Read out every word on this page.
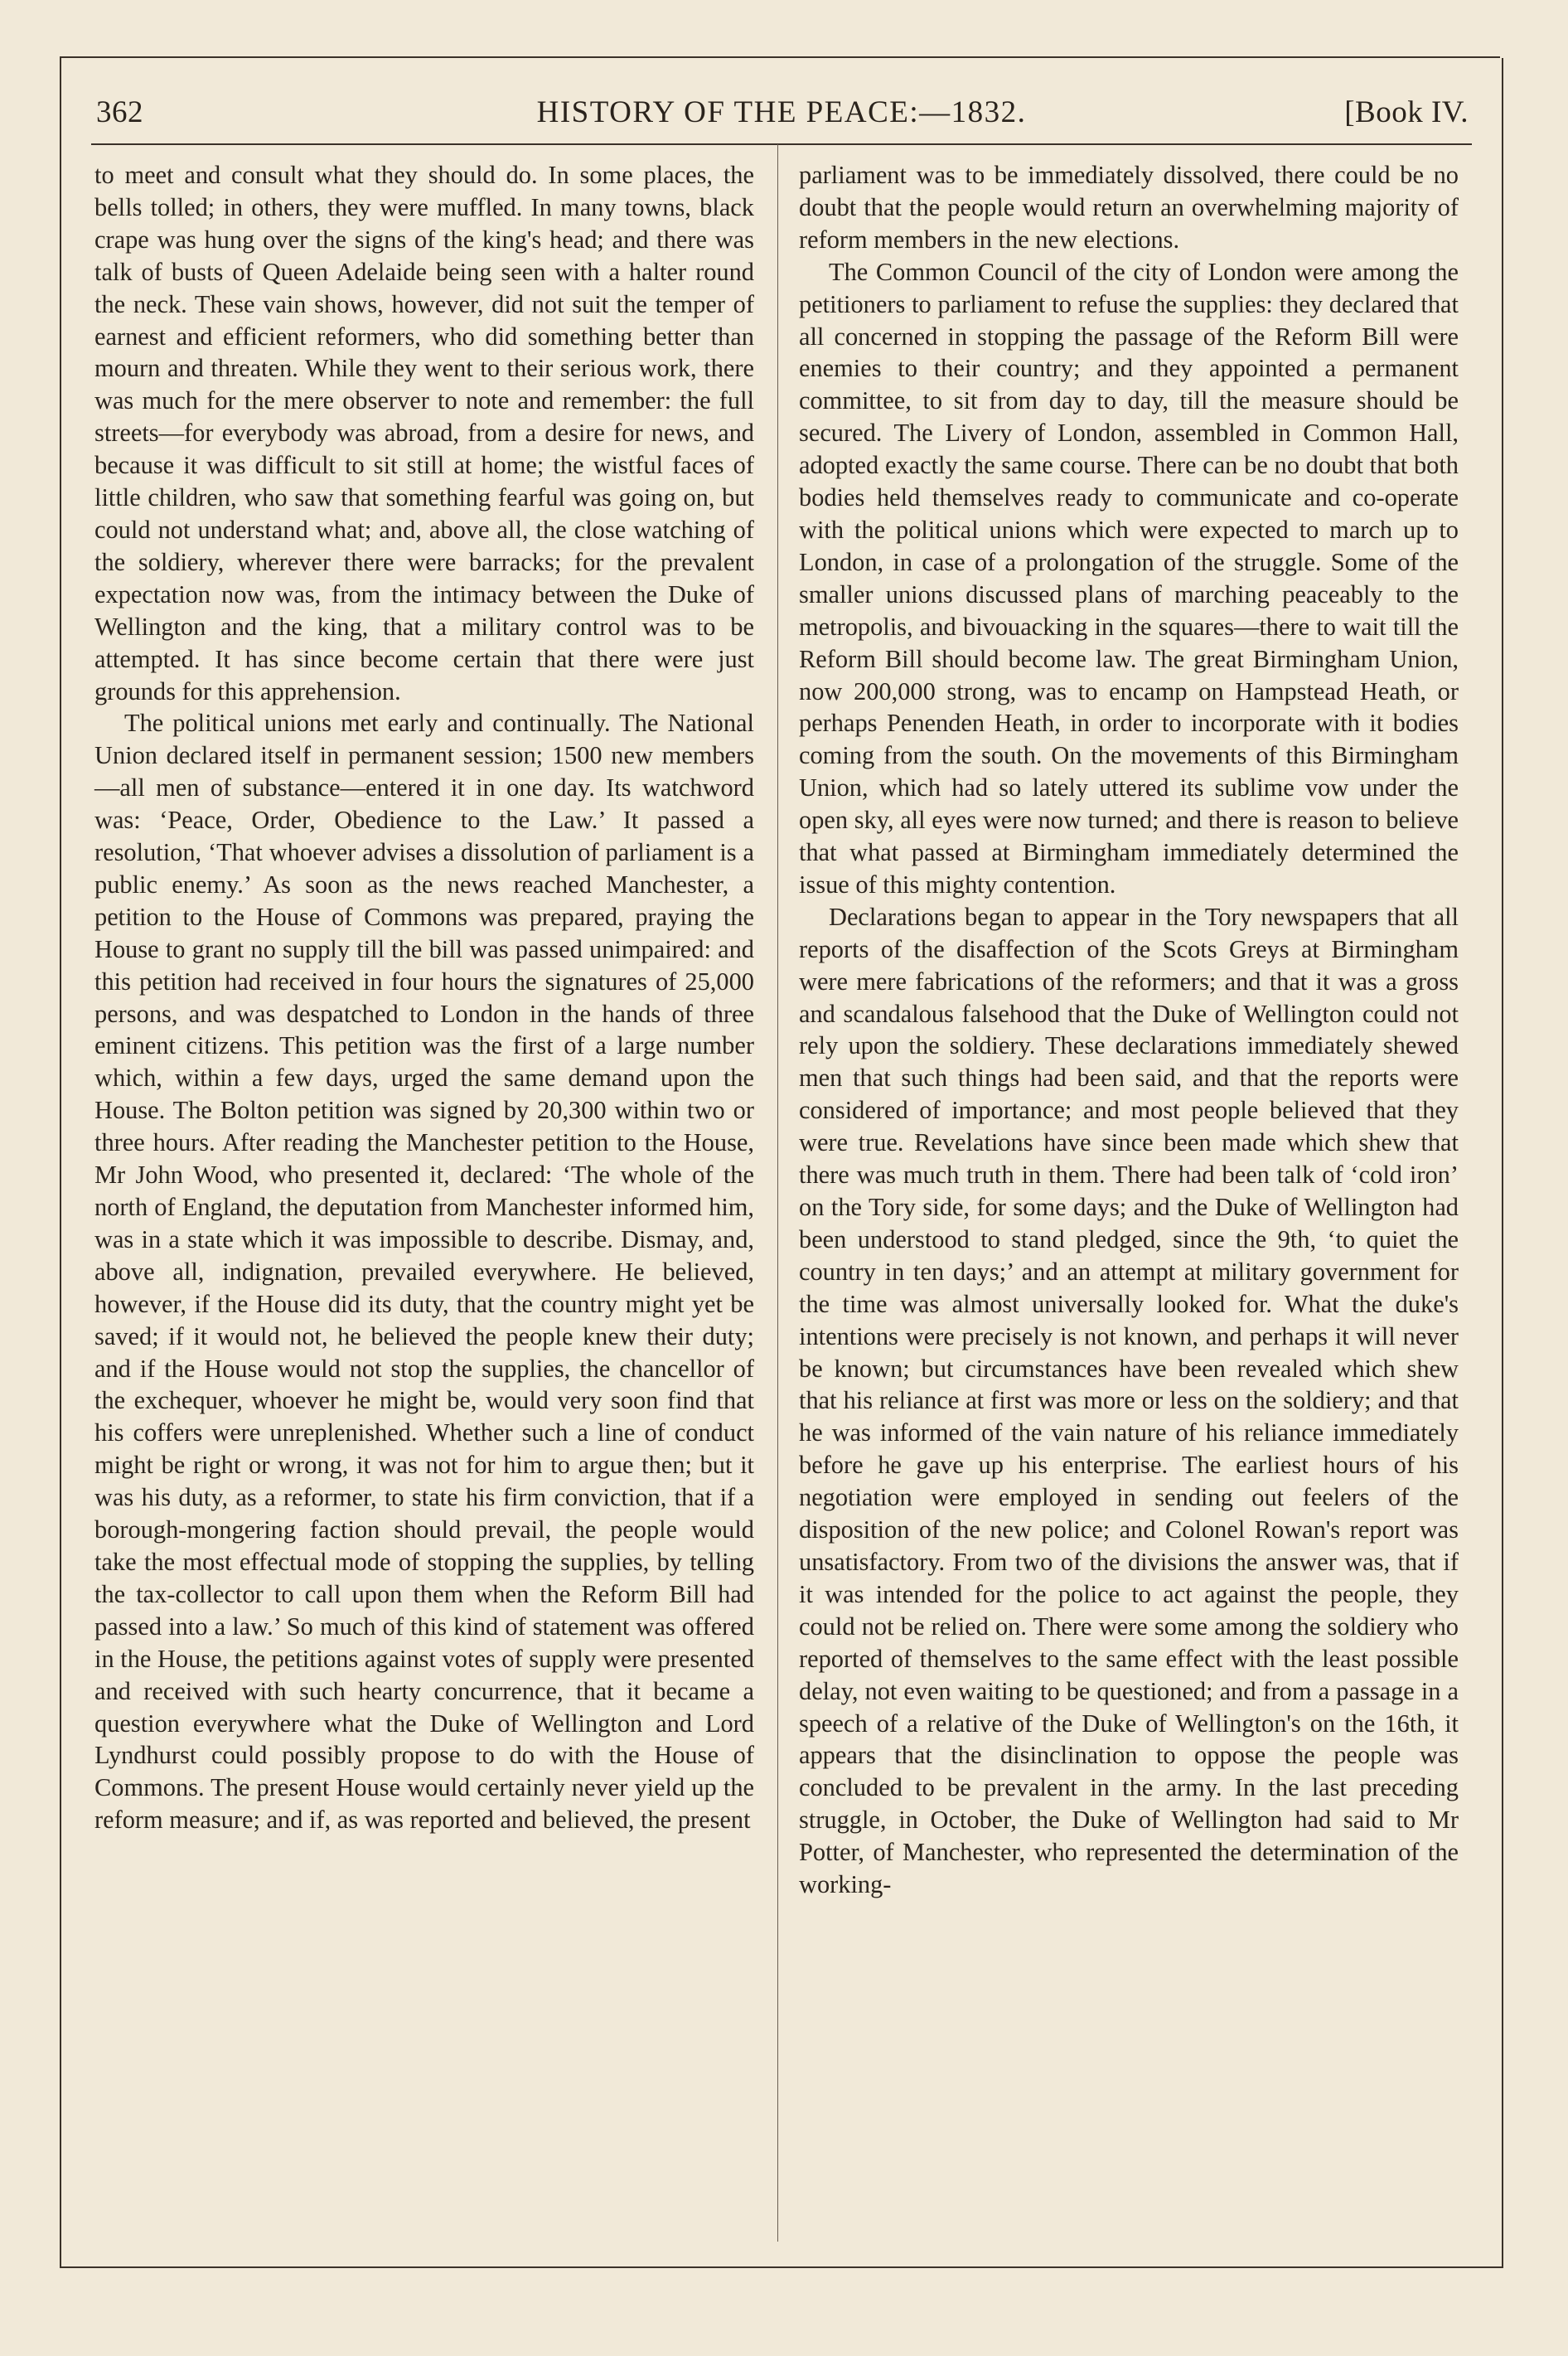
362	HISTORY OF THE PEACE:—1832.	[Book IV.

to meet and consult what they should do. In some places, the bells tolled; in others, they were muffled. In many towns, black crape was hung over the signs of the king's head; and there was talk of busts of Queen Adelaide being seen with a halter round the neck. These vain shows, however, did not suit the temper of earnest and efficient reformers, who did something better than mourn and threaten. While they went to their serious work, there was much for the mere observer to note and remember: the full streets—for everybody was abroad, from a desire for news, and because it was difficult to sit still at home; the wistful faces of little children, who saw that something fearful was going on, but could not understand what; and, above all, the close watching of the soldiery, wherever there were barracks; for the prevalent expectation now was, from the intimacy between the Duke of Wellington and the king, that a military control was to be attempted. It has since become certain that there were just grounds for this apprehension.

The political unions met early and continually. The National Union declared itself in permanent session; 1500 new members—all men of substance—entered it in one day. Its watchword was: ‘Peace, Order, Obedience to the Law.’ It passed a resolution, ‘That whoever advises a dissolution of parliament is a public enemy.’ As soon as the news reached Manchester, a petition to the House of Commons was prepared, praying the House to grant no supply till the bill was passed unimpaired: and this petition had received in four hours the signatures of 25,000 persons, and was despatched to London in the hands of three eminent citizens. This petition was the first of a large number which, within a few days, urged the same demand upon the House. The Bolton petition was signed by 20,300 within two or three hours. After reading the Manchester petition to the House, Mr John Wood, who presented it, declared: ‘The whole of the north of England, the deputation from Manchester informed him, was in a state which it was impossible to describe. Dismay, and, above all, indignation, prevailed everywhere. He believed, however, if the House did its duty, that the country might yet be saved; if it would not, he believed the people knew their duty; and if the House would not stop the supplies, the chancellor of the exchequer, whoever he might be, would very soon find that his coffers were unreplenished. Whether such a line of conduct might be right or wrong, it was not for him to argue then; but it was his duty, as a reformer, to state his firm conviction, that if a borough-mongering faction should prevail, the people would take the most effectual mode of stopping the supplies, by telling the tax-collector to call upon them when the Reform Bill had passed into a law.’ So much of this kind of statement was offered in the House, the petitions against votes of supply were presented and received with such hearty concurrence, that it became a question everywhere what the Duke of Wellington and Lord Lyndhurst could possibly propose to do with the House of Commons. The present House would certainly never yield up the reform measure; and if, as was reported and believed, the present

parliament was to be immediately dissolved, there could be no doubt that the people would return an overwhelming majority of reform members in the new elections.

The Common Council of the city of London were among the petitioners to parliament to refuse the supplies: they declared that all concerned in stopping the passage of the Reform Bill were enemies to their country; and they appointed a permanent committee, to sit from day to day, till the measure should be secured. The Livery of London, assembled in Common Hall, adopted exactly the same course. There can be no doubt that both bodies held themselves ready to communicate and co-operate with the political unions which were expected to march up to London, in case of a prolongation of the struggle. Some of the smaller unions discussed plans of marching peaceably to the metropolis, and bivouacking in the squares—there to wait till the Reform Bill should become law. The great Birmingham Union, now 200,000 strong, was to encamp on Hampstead Heath, or perhaps Penenden Heath, in order to incorporate with it bodies coming from the south. On the movements of this Birmingham Union, which had so lately uttered its sublime vow under the open sky, all eyes were now turned; and there is reason to believe that what passed at Birmingham immediately determined the issue of this mighty contention.

Declarations began to appear in the Tory newspapers that all reports of the disaffection of the Scots Greys at Birmingham were mere fabrications of the reformers; and that it was a gross and scandalous falsehood that the Duke of Wellington could not rely upon the soldiery. These declarations immediately shewed men that such things had been said, and that the reports were considered of importance; and most people believed that they were true. Revelations have since been made which shew that there was much truth in them. There had been talk of ‘cold iron’ on the Tory side, for some days; and the Duke of Wellington had been understood to stand pledged, since the 9th, ‘to quiet the country in ten days;’ and an attempt at military government for the time was almost universally looked for. What the duke's intentions were precisely is not known, and perhaps it will never be known; but circumstances have been revealed which shew that his reliance at first was more or less on the soldiery; and that he was informed of the vain nature of his reliance immediately before he gave up his enterprise. The earliest hours of his negotiation were employed in sending out feelers of the disposition of the new police; and Colonel Rowan's report was unsatisfactory. From two of the divisions the answer was, that if it was intended for the police to act against the people, they could not be relied on. There were some among the soldiery who reported of themselves to the same effect with the least possible delay, not even waiting to be questioned; and from a passage in a speech of a relative of the Duke of Wellington's on the 16th, it appears that the disinclination to oppose the people was concluded to be prevalent in the army. In the last preceding struggle, in October, the Duke of Wellington had said to Mr Potter, of Manchester, who represented the determination of the working-
